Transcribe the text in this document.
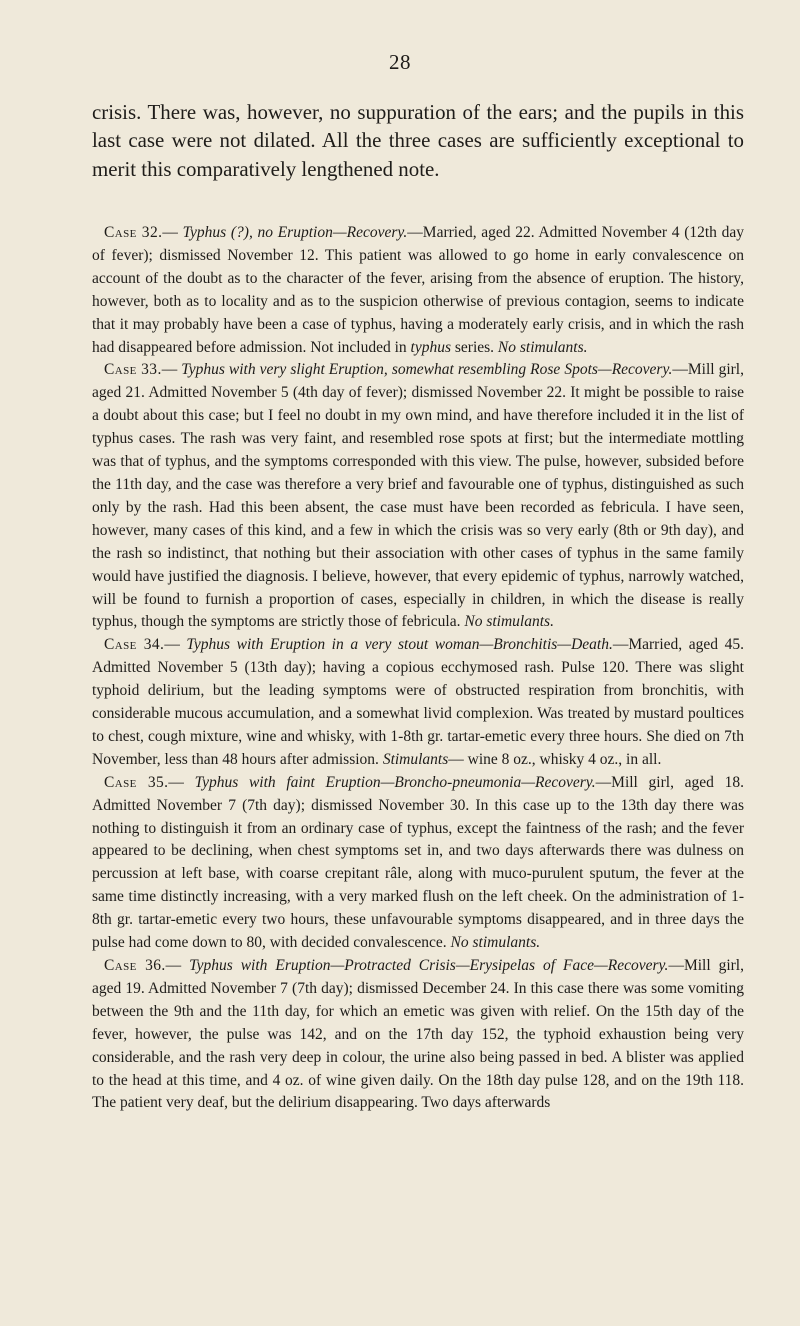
28

crisis. There was, however, no suppuration of the ears; and the pupils in this last case were not dilated. All the three cases are sufficiently exceptional to merit this comparatively lengthened note.

Case 32.— Typhus (?), no Eruption—Recovery.—Married, aged 22. Admitted November 4 (12th day of fever); dismissed November 12. This patient was allowed to go home in early convalescence on account of the doubt as to the character of the fever, arising from the absence of eruption. The history, however, both as to locality and as to the suspicion otherwise of previous contagion, seems to indicate that it may probably have been a case of typhus, having a moderately early crisis, and in which the rash had disappeared before admission. Not included in typhus series. No stimulants.

Case 33.— Typhus with very slight Eruption, somewhat resembling Rose Spots—Recovery.—Mill girl, aged 21. Admitted November 5 (4th day of fever); dismissed November 22. It might be possible to raise a doubt about this case; but I feel no doubt in my own mind, and have therefore included it in the list of typhus cases. The rash was very faint, and resembled rose spots at first; but the intermediate mottling was that of typhus, and the symptoms corresponded with this view. The pulse, however, subsided before the 11th day, and the case was therefore a very brief and favourable one of typhus, distinguished as such only by the rash. Had this been absent, the case must have been recorded as febricula. I have seen, however, many cases of this kind, and a few in which the crisis was so very early (8th or 9th day), and the rash so indistinct, that nothing but their association with other cases of typhus in the same family would have justified the diagnosis. I believe, however, that every epidemic of typhus, narrowly watched, will be found to furnish a proportion of cases, especially in children, in which the disease is really typhus, though the symptoms are strictly those of febricula. No stimulants.

Case 34.— Typhus with Eruption in a very stout woman—Bronchitis—Death.—Married, aged 45. Admitted November 5 (13th day); having a copious ecchymosed rash. Pulse 120. There was slight typhoid delirium, but the leading symptoms were of obstructed respiration from bronchitis, with considerable mucous accumulation, and a somewhat livid complexion. Was treated by mustard poultices to chest, cough mixture, wine and whisky, with 1-8th gr. tartar-emetic every three hours. She died on 7th November, less than 48 hours after admission. Stimulants— wine 8 oz., whisky 4 oz., in all.

Case 35.— Typhus with faint Eruption—Broncho-pneumonia—Recovery.—Mill girl, aged 18. Admitted November 7 (7th day); dismissed November 30. In this case up to the 13th day there was nothing to distinguish it from an ordinary case of typhus, except the faintness of the rash; and the fever appeared to be declining, when chest symptoms set in, and two days afterwards there was dulness on percussion at left base, with coarse crepitant râle, along with muco-purulent sputum, the fever at the same time distinctly increasing, with a very marked flush on the left cheek. On the administration of 1-8th gr. tartar-emetic every two hours, these unfavourable symptoms disappeared, and in three days the pulse had come down to 80, with decided convalescence. No stimulants.

Case 36.— Typhus with Eruption—Protracted Crisis—Erysipelas of Face—Recovery.—Mill girl, aged 19. Admitted November 7 (7th day); dismissed December 24. In this case there was some vomiting between the 9th and the 11th day, for which an emetic was given with relief. On the 15th day of the fever, however, the pulse was 142, and on the 17th day 152, the typhoid exhaustion being very considerable, and the rash very deep in colour, the urine also being passed in bed. A blister was applied to the head at this time, and 4 oz. of wine given daily. On the 18th day pulse 128, and on the 19th 118. The patient very deaf, but the delirium disappearing. Two days afterwards
